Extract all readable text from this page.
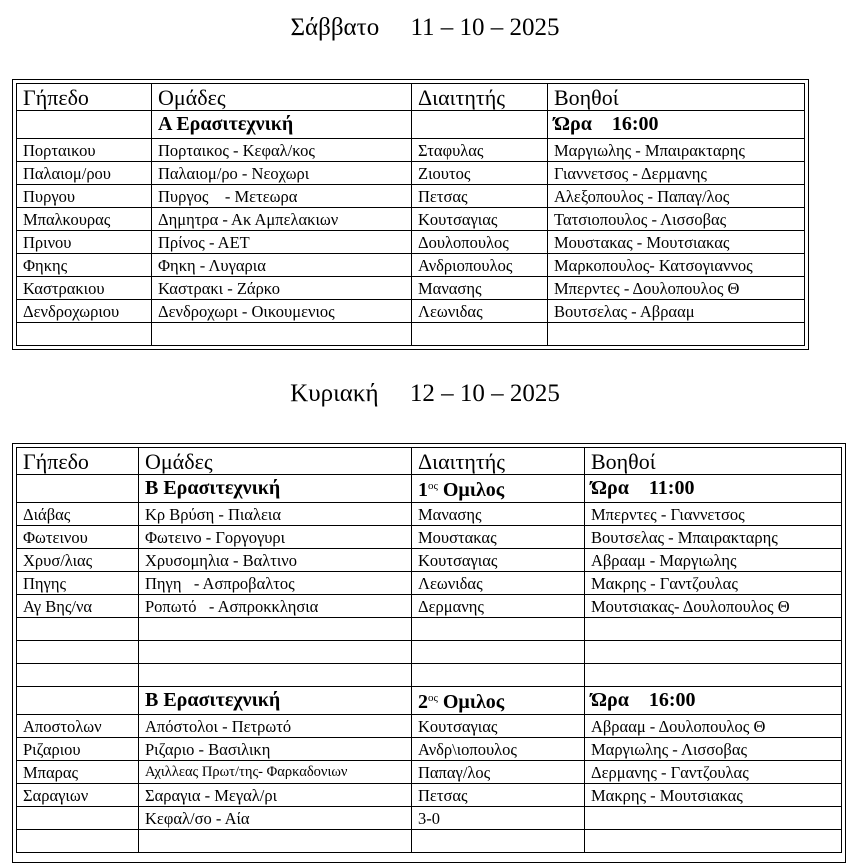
Σάββατο     11 – 10 – 2025
Γήπεδο	Ομάδες	Διαιτητής	Βοηθοί
	Α Ερασιτεχνική		Ώρα    16:00
Πορταικου	Πορταικος - Κεφαλ/κος	Σταφυλας	Μαργιωλης - Μπαιρακταρης
Παλαιομ/ρου	Παλαιομ/ρο - Νεοχωρι	Ζιουτος	Γιαννετσος - Δερμανης
Πυργου	Πυργος    - Μετεωρα	Πετσας	Αλεξοπουλος - Παπαγ/λος
Μπαλκουρας	Δημητρα - Ακ Αμπελακιων	Κουτσαγιας	Τατσιοπουλος - Λισσοβας
Πρινου	Πρίνος - ΑΕΤ	Δουλοπουλος	Μουστακας - Μουτσιακας
Φηκης	Φηκη - Λυγαρια	Ανδριοπουλος	Μαρκοπουλος- Κατσογιαννος
Καστρακιου	Καστρακι - Ζάρκο	Μανασης	Μπερντες - Δουλοπουλος Θ
Δενδροχωριου	Δενδροχωρι - Οικουμενιος	Λεωνιδας	Βουτσελας - Αβρααμ

Κυριακή     12 – 10 – 2025
Γήπεδο	Ομάδες	Διαιτητής	Βοηθοί
	Β Ερασιτεχνική	$1^{o\varsigma}$ Ομιλος	Ώρα    11:00
Διάβας	Κρ Βρύση - Πιαλεια	Μανασης	Μπερντες - Γιαννετσος
Φωτεινου	Φωτεινο - Γοργογυρι	Μουστακας	Βουτσελας - Μπαιρακταρης
Χρυσ/λιας	Χρυσομηλια - Βαλτινο	Κουτσαγιας	Αβρααμ - Μαργιωλης
Πηγης	Πηγη   - Ασπροβαλτος	Λεωνιδας	Μακρης - Γαντζουλας
Αγ Βης/να	Ροπωτό   - Ασπροκκλησια	Δερμανης	Μουτσιακας- Δουλοπουλος Θ

	Β Ερασιτεχνική	$2^{o\varsigma}$ Ομιλος	Ώρα    16:00
Αποστολων	Απόστολοι - Πετρωτό	Κουτσαγιας	Αβρααμ - Δουλοπουλος Θ
Ριζαριου	Ριζαριο - Βασιλικη	Ανδρ\ιοπουλος	Μαργιωλης - Λισσοβας
Μπαρας	Αχιλλεας Πρωτ/της- Φαρκαδονιων	Παπαγ/λος	Δερμανης - Γαντζουλας
Σαραγιων	Σαραγια - Μεγαλ/ρι	Πετσας	Μακρης - Μουτσιακας
	Κεφαλ/σο - Αία	3-0	
